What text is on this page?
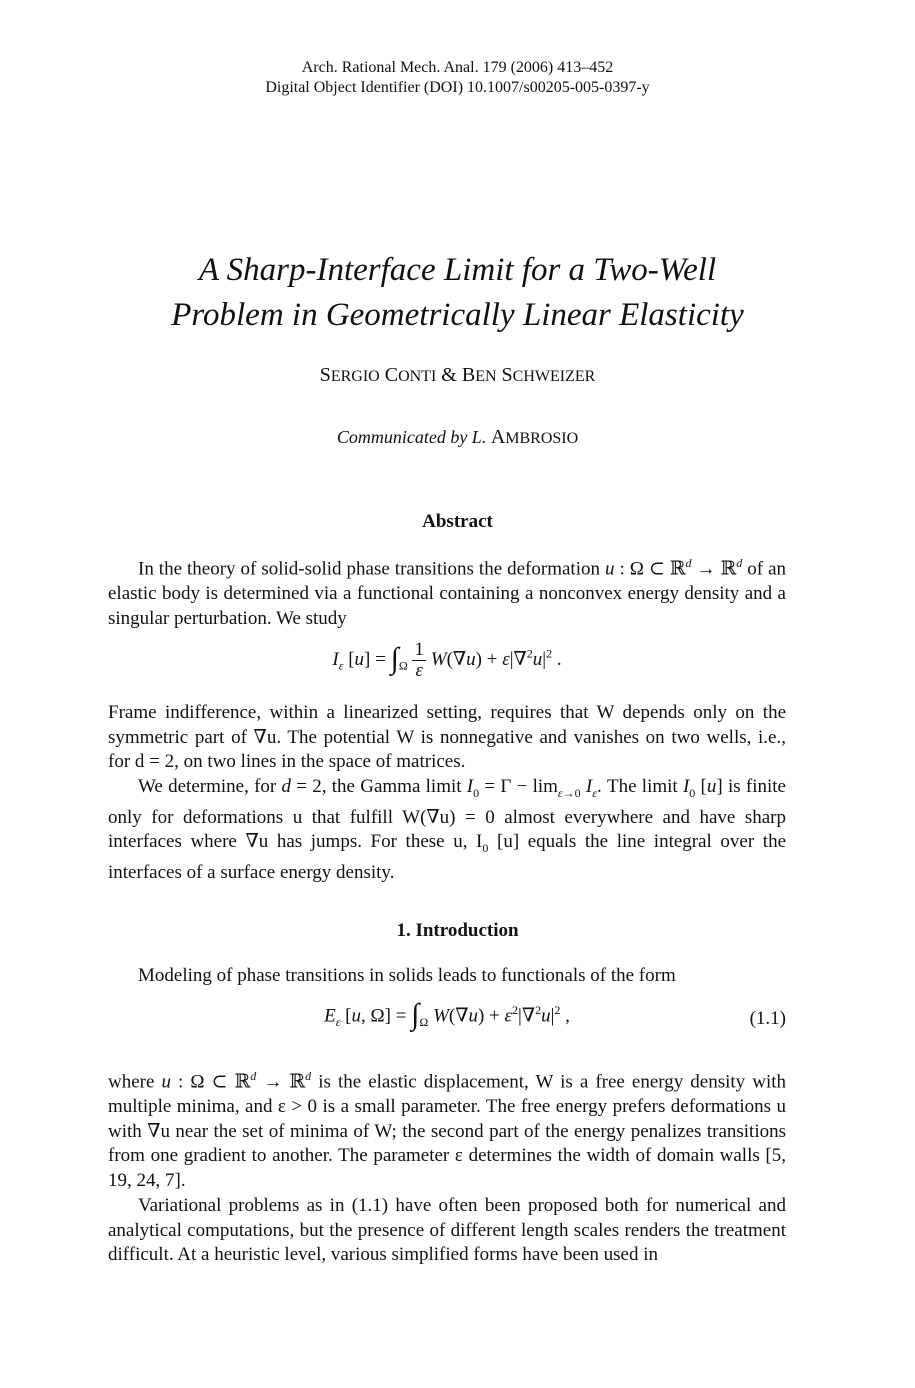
Arch. Rational Mech. Anal. 179 (2006) 413–452
Digital Object Identifier (DOI) 10.1007/s00205-005-0397-y
A Sharp-Interface Limit for a Two-Well
Problem in Geometrically Linear Elasticity
SERGIO CONTI & BEN SCHWEIZER
Communicated by L. AMBROSIO
Abstract

In the theory of solid-solid phase transitions the deformation u : Ω ⊂ ℝ$^d$ → ℝ$^d$ of an elastic body is determined via a functional containing a nonconvex energy density and a singular perturbation. We study

$I_\varepsilon$ $[u] = \int_\Omega \frac{1}{\varepsilon} W(\nabla u) + \varepsilon|\nabla^2u|^2$ .

Frame indifference, within a linearized setting, requires that W depends only on the symmetric part of ∇u. The potential W is nonnegative and vanishes on two wells, i.e., for d = 2, on two lines in the space of matrices.

We determine, for d = 2, the Gamma limit $I_0 = \Gamma - \lim_{\varepsilon\to 0} I_\varepsilon$. The limit $I_0$ [u] is finite only for deformations u that fulfill W(∇u) = 0 almost everywhere and have sharp interfaces where ∇u has jumps. For these u, $I_0$ [u] equals the line integral over the interfaces of a surface energy density.

1. Introduction

Modeling of phase transitions in solids leads to functionals of the form

$E_\varepsilon$ [u, $\Omega] = \int_\Omega$ $W(\nabla u) + \varepsilon^2|\nabla^2u|^2$ ,	(1.1)

where u : Ω ⊂ ℝ$^d$ → ℝ$^d$ is the elastic displacement, W is a free energy density with multiple minima, and ε > 0 is a small parameter. The free energy prefers deformations u with ∇u near the set of minima of W; the second part of the energy penalizes transitions from one gradient to another. The parameter ε determines the width of domain walls [5, 19, 24, 7].

Variational problems as in (1.1) have often been proposed both for numerical and analytical computations, but the presence of different length scales renders the treatment difficult. At a heuristic level, various simplified forms have been used in
